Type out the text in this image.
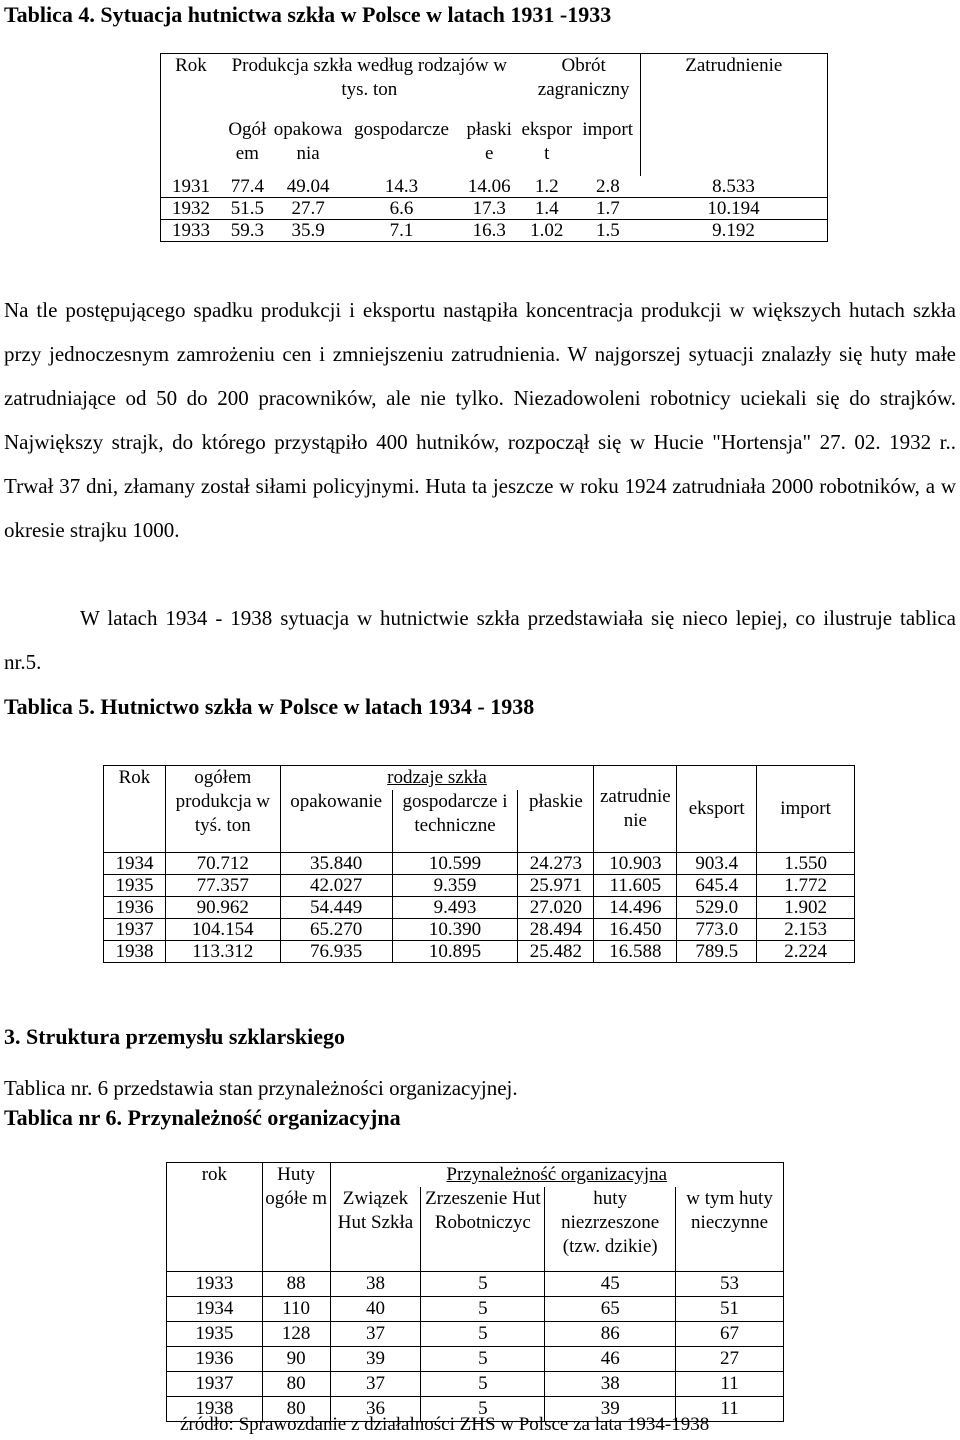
Tablica 4. Sytuacja hutnictwa szkła w Polsce w latach 1931 -1933
Rok	Produkcja szkła według rodzajów w tys. ton				Obrót zagraniczny		Zatrudnienie
	Ogół em	opakowa nia	gospodarcze	płaski e	ekspor t	import	
1931	77.4	49.04	14.3	14.06	1.2	2.8	8.533
1932	51.5	27.7	6.6	17.3	1.4	1.7	10.194
1933	59.3	35.9	7.1	16.3	1.02	1.5	9.192
Na tle postępującego spadku produkcji i eksportu nastąpiła koncentracja produkcji w większych hutach szkła przy jednoczesnym zamrożeniu cen i zmniejszeniu zatrudnienia. W najgorszej sytuacji znalazły się huty małe zatrudniające od 50 do 200 pracowników, ale nie tylko. Niezadowoleni robotnicy uciekali się do strajków. Największy strajk, do którego przystąpiło 400 hutników, rozpoczął się w Hucie "Hortensja" 27. 02. 1932 r.. Trwał 37 dni, złamany został siłami policyjnymi. Huta ta jeszcze w roku 1924 zatrudniała 2000 robotników, a w okresie strajku 1000.
W latach 1934 - 1938 sytuacja w hutnictwie szkła przedstawiała się nieco lepiej, co ilustruje tablica nr.5.
Tablica 5. Hutnictwo szkła w Polsce w latach 1934 - 1938
Rok	ogółem produkcja w tyś. ton	rodzaje szkła			zatrudnie nie	eksport	import
		opakowanie	gospodarcze i techniczne	płaskie			
1934	70.712	35.840	10.599	24.273	10.903	903.4	1.550
1935	77.357	42.027	9.359	25.971	11.605	645.4	1.772
1936	90.962	54.449	9.493	27.020	14.496	529.0	1.902
1937	104.154	65.270	10.390	28.494	16.450	773.0	2.153
1938	113.312	76.935	10.895	25.482	16.588	789.5	2.224
3. Struktura przemysłu szklarskiego
Tablica nr. 6 przedstawia stan przynależności organizacyjnej.
Tablica nr 6. Przynależność organizacyjna
rok	Huty ogółe m	Przynależność organizacyjna			
		Związek Hut Szkła	Zrzeszenie Hut Robotniczyc	huty niezrzeszone (tzw. dzikie)	w tym huty nieczynne
1933	88	38	5	45	53
1934	110	40	5	65	51
1935	128	37	5	86	67
1936	90	39	5	46	27
1937	80	37	5	38	11
1938	80	36	5	39	11
źródło: Sprawozdanie z działalności ZHS w Polsce za lata 1934-1938
